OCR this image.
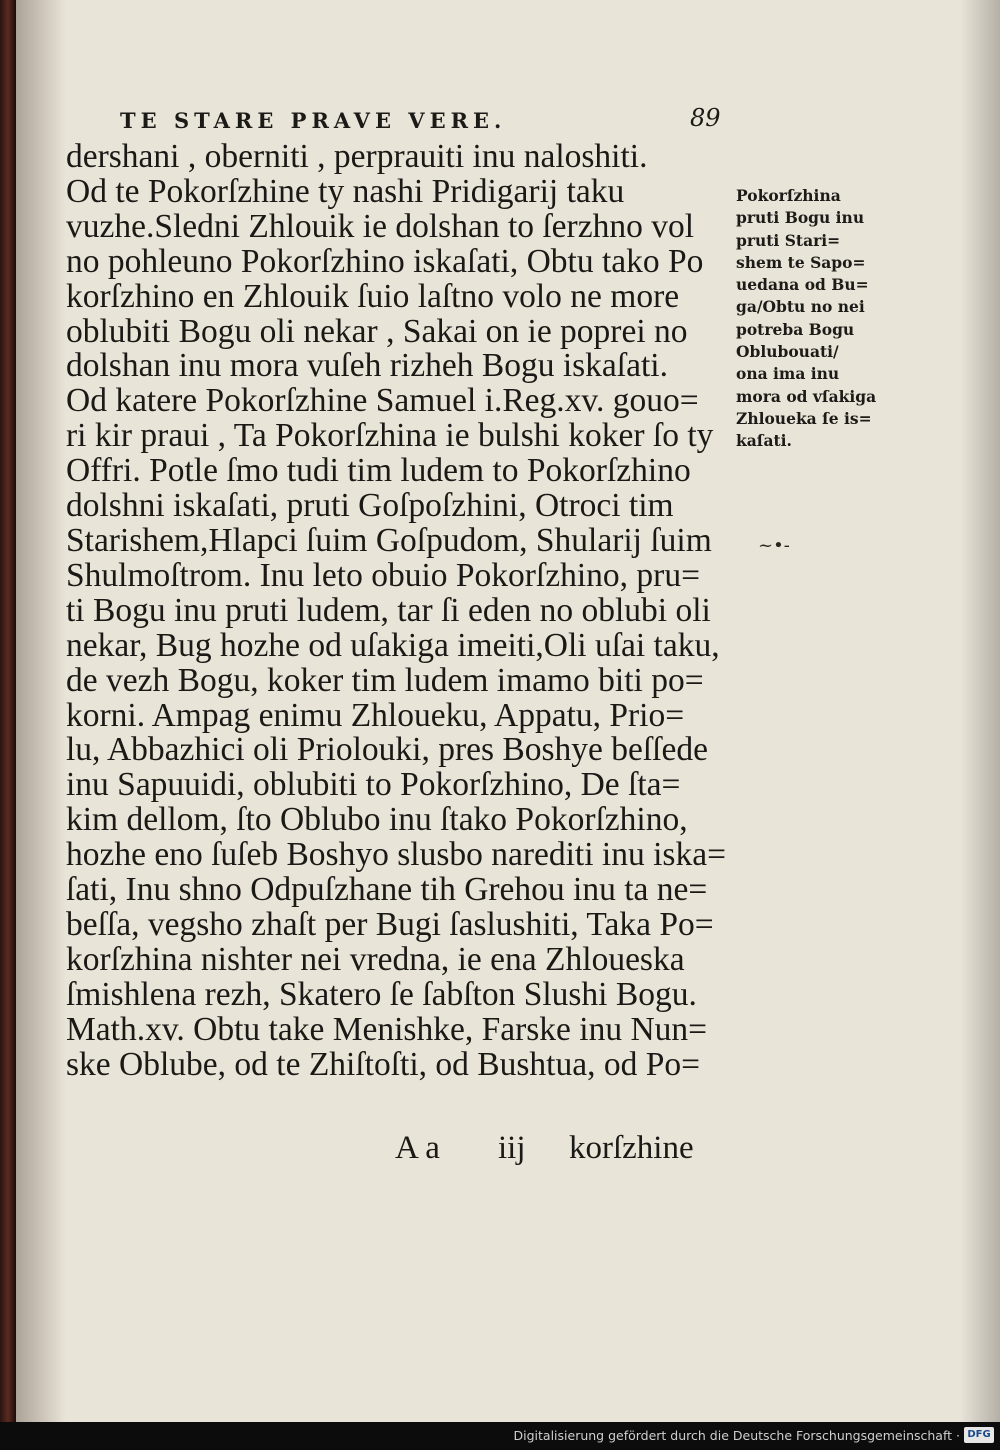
TE STARE PRAVE VERE.	89
dershani , oberniti , perprauiti inu naloshiti.
Od te Pokorſzhine ty nashi Pridigarij taku
vuzhe.Sledni Zhlouik ie dolshan to ſerzhno vol
no pohleuno Pokorſzhino iskaſati, Obtu tako Po
korſzhino en Zhlouik ſuio laſtno volo ne more
oblubiti Bogu oli nekar , Sakai on ie poprei no
dolshan inu mora vuſeh rizheh Bogu iskaſati.
Od katere Pokorſzhine Samuel i.Reg.xv. gouo=
ri kir praui , Ta Pokorſzhina ie bulshi koker ſo ty
Offri. Potle ſmo tudi tim ludem to Pokorſzhino
dolshni iskaſati, pruti Goſpoſzhini, Otroci tim
Starishem,Hlapci ſuim Goſpudom, Shularij ſuim
Shulmoſtrom. Inu leto obuio Pokorſzhino, pru=
ti Bogu inu pruti ludem, tar ſi eden no oblubi oli
nekar, Bug hozhe od uſakiga imeiti,Oli uſai taku,
de vezh Bogu, koker tim ludem imamo biti po=
korni. Ampag enimu Zhloueku, Appatu, Prio=
lu, Abbazhici oli Priolouki, pres Boshye beſſede
inu Sapuuidi, oblubiti to Pokorſzhino, De ſta=
kim dellom, ſto Oblubo inu ſtako Pokorſzhino,
hozhe eno ſuſeb Boshyo slusbo narediti inu iska=
ſati, Inu shno Odpuſzhane tih Grehou inu ta ne=
beſſa, vegsho zhaſt per Bugi ſaslushiti, Taka Po=
korſzhina nishter nei vredna, ie ena Zhloueska
ſmishlena rezh, Skatero ſe ſabſton Slushi Bogu.
Math.xv. Obtu take Menishke, Farske inu Nun=
ske Oblube, od te Zhiſtoſti, od Bushtua, od Po=
Pokorſzhina
pruti Bogu inu
pruti Stari=
shem te Sapo=
uedana od Bu=
ga/Obtu no nei
potreba Bogu
Oblubouati/
ona ima inu
mora od vſakiga
Zhloueka ſe is=
kaſati.
~•-
A a iij korſzhine
Digitalisierung gefördert durch die Deutsche Forschungsgemeinschaft · DFG
